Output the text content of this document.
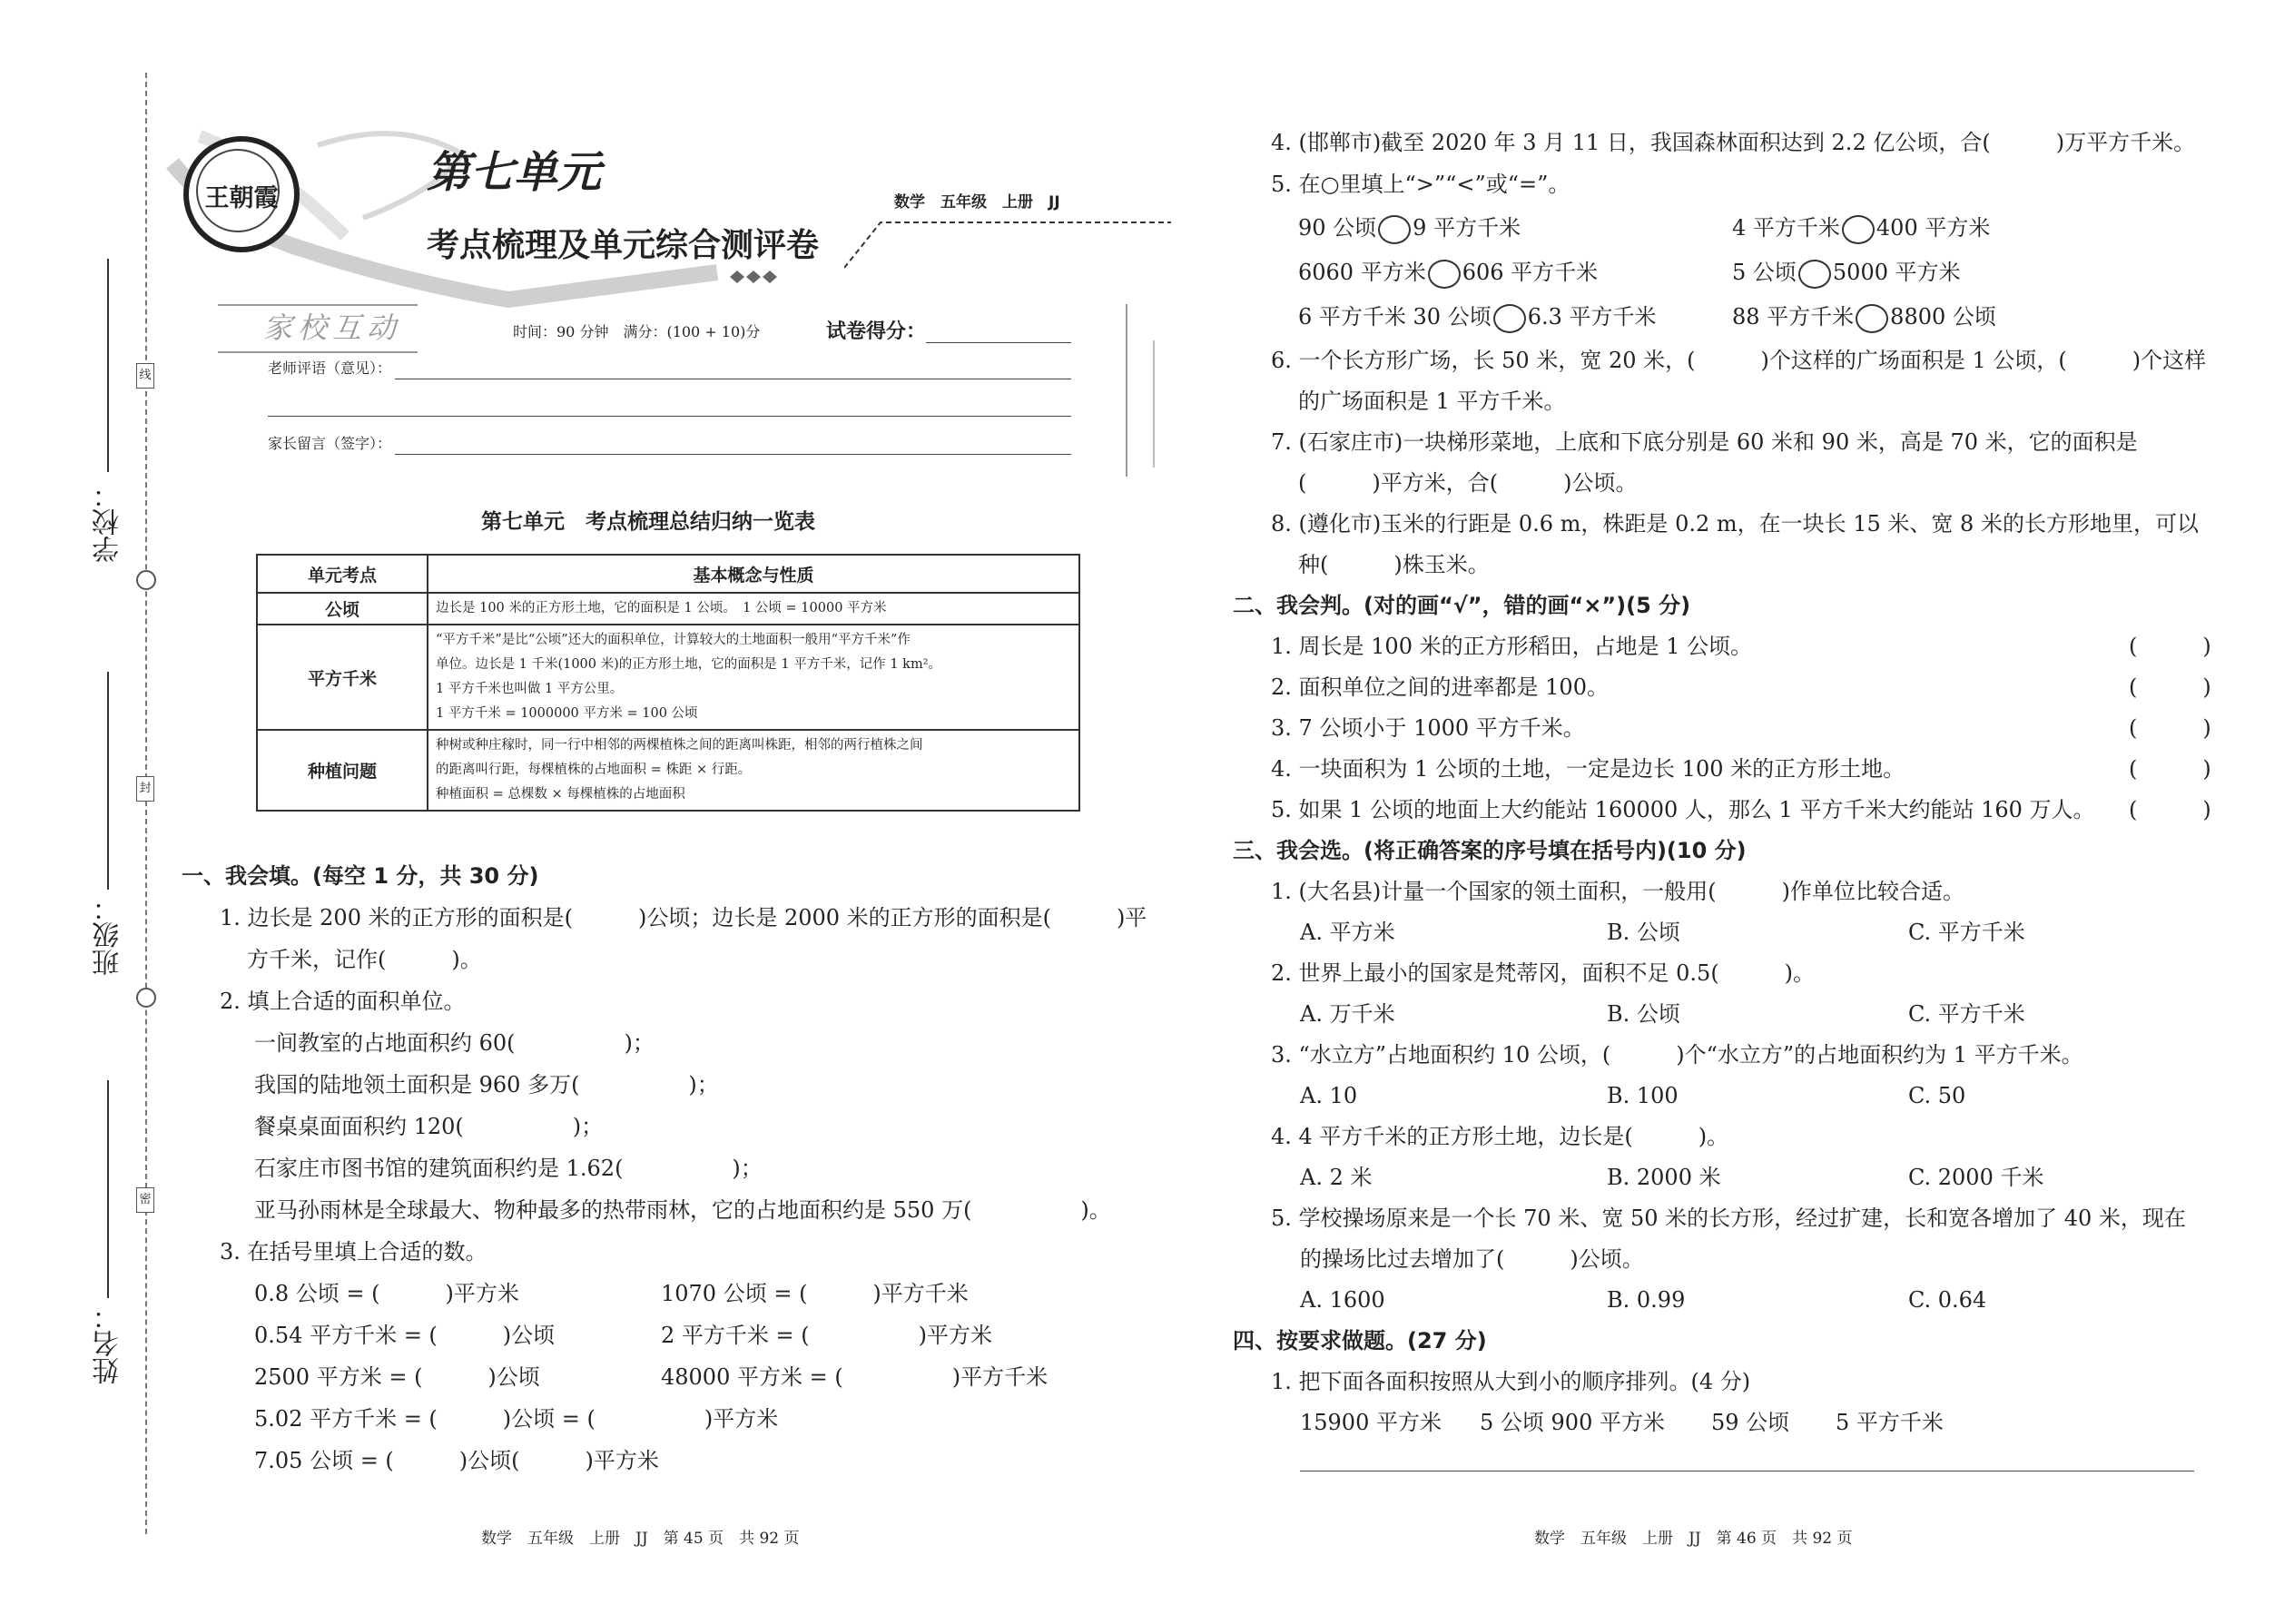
线
封
密
学校：
班级：
姓名：
王朝霞
第七单元
考点梳理及单元综合测评卷
数学　五年级　上册　JJ
家校互动	时间：90 分钟　满分：(100 + 10)分	试卷得分：
老师评语（意见）：
家长留言（签字）：
第七单元　考点梳理总结归纳一览表
单元考点	基本概念与性质
公顷	边长是 100 米的正方形土地，它的面积是 1 公顷。　1 公顷 = 10000 平方米

平方千米	“平方千米”是比“公顷”还大的面积单位，计算较大的土地面积一般用“平方千米”作
单位。边长是 1 千米(1000 米)的正方形土地，它的面积是 1 平方千米，记作 1 km²。
1 平方千米也叫做 1 平方公里。
1 平方千米 = 1000000 平方米 = 100 公顷

种植问题	种树或种庄稼时，同一行中相邻的两棵植株之间的距离叫株距，相邻的两行植株之间
的距离叫行距，每棵植株的占地面积 = 株距 × 行距。
种植面积 = 总棵数 × 每棵植株的占地面积
一、我会填。(每空 1 分，共 30 分)
1. 边长是 200 米的正方形的面积是(　　　)公顷；边长是 2000 米的正方形的面积是(　　　)平
方千米，记作(　　　)。
2. 填上合适的面积单位。
一间教室的占地面积约 60(　　　　　)；
我国的陆地领土面积是 960 多万(　　　　　)；
餐桌桌面面积约 120(　　　　　)；
石家庄市图书馆的建筑面积约是 1.62(　　　　　)；
亚马孙雨林是全球最大、物种最多的热带雨林，它的占地面积约是 550 万(　　　　　)。
3. 在括号里填上合适的数。
0.8 公顷 = (　　　)平方米	1070 公顷 = (　　　)平方千米
0.54 平方千米 = (　　　)公顷	2 平方千米 = (　　　　　)平方米
2500 平方米 = (　　　)公顷	48000 平方米 = (　　　　　)平方千米
5.02 平方千米 = (　　　)公顷 = (　　　　　)平方米
7.05 公顷 = (　　　)公顷(　　　)平方米
数学　五年级　上册　JJ　第 45 页　共 92 页
4. (邯郸市)截至 2020 年 3 月 11 日，我国森林面积达到 2.2 亿公顷，合(　　　)万平方千米。
5. 在○里填上“>”“<”或“=”。
90 公顷 9 平方千米	4 平方千米 400 平方米
6060 平方米 606 平方千米	5 公顷 5000 平方米
6 平方千米 30 公顷 6.3 平方千米	88 平方千米 8800 公顷
6. 一个长方形广场，长 50 米，宽 20 米，(　　　)个这样的广场面积是 1 公顷，(　　　)个这样
的广场面积是 1 平方千米。
7. (石家庄市)一块梯形菜地，上底和下底分别是 60 米和 90 米，高是 70 米，它的面积是
(　　　)平方米，合(　　　)公顷。
8. (遵化市)玉米的行距是 0.6 m，株距是 0.2 m，在一块长 15 米、宽 8 米的长方形地里，可以
种(　　　)株玉米。
二、我会判。(对的画“√”，错的画“×”)(5 分)
1. 周长是 100 米的正方形稻田，占地是 1 公顷。	(　　　)
2. 面积单位之间的进率都是 100。	(　　　)
3. 7 公顷小于 1000 平方千米。	(　　　)
4. 一块面积为 1 公顷的土地，一定是边长 100 米的正方形土地。	(　　　)
5. 如果 1 公顷的地面上大约能站 160000 人，那么 1 平方千米大约能站 160 万人。 (　　　)
三、我会选。(将正确答案的序号填在括号内)(10 分)
1. (大名县)计量一个国家的领土面积，一般用(　　　)作单位比较合适。
A. 平方米	B. 公顷	C. 平方千米
2. 世界上最小的国家是梵蒂冈，面积不足 0.5(　　　)。
A. 万千米	B. 公顷	C. 平方千米
3. “水立方”占地面积约 10 公顷，(　　　)个“水立方”的占地面积约为 1 平方千米。
A. 10	B. 100	C. 50
4. 4 平方千米的正方形土地，边长是(　　　)。
A. 2 米	B. 2000 米	C. 2000 千米
5. 学校操场原来是一个长 70 米、宽 50 米的长方形，经过扩建，长和宽各增加了 40 米，现在
的操场比过去增加了(　　　)公顷。
A. 1600	B. 0.99	C. 0.64
四、按要求做题。(27 分)
1. 把下面各面积按照从大到小的顺序排列。(4 分)
15900 平方米 5 公顷 900 平方米 59 公顷 5 平方千米
数学　五年级　上册　JJ　第 46 页　共 92 页
